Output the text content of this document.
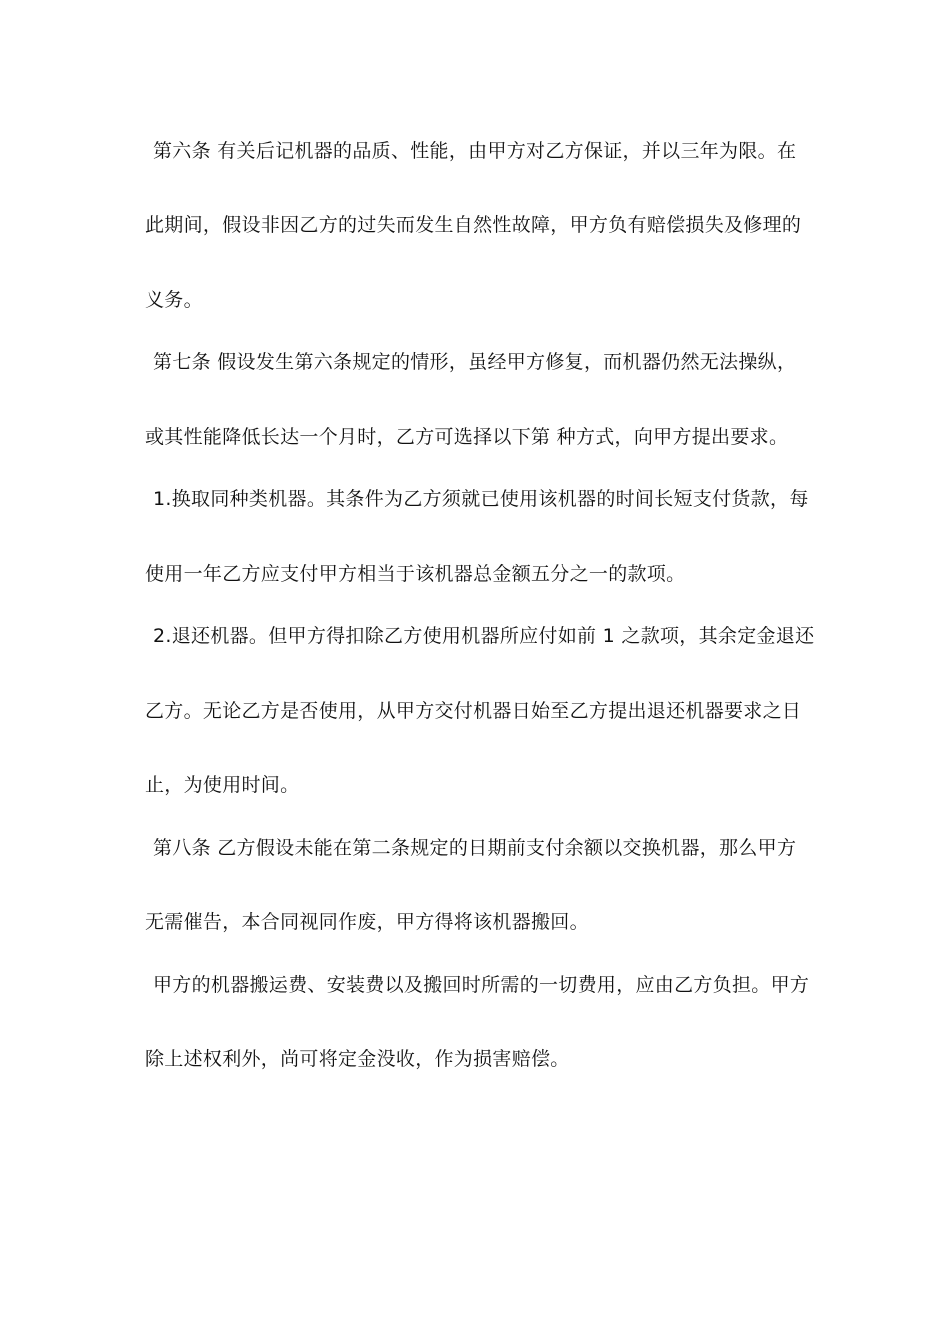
第六条 有关后记机器的品质、性能，由甲方对乙方保证，并以三年为限。在
此期间，假设非因乙方的过失而发生自然性故障，甲方负有赔偿损失及修理的
义务。
第七条 假设发生第六条规定的情形，虽经甲方修复，而机器仍然无法操纵，
或其性能降低长达一个月时，乙方可选择以下第 种方式，向甲方提出要求。
1.换取同种类机器。其条件为乙方须就已使用该机器的时间长短支付货款，每
使用一年乙方应支付甲方相当于该机器总金额五分之一的款项。
2.退还机器。但甲方得扣除乙方使用机器所应付如前 1 之款项，其余定金退还
乙方。无论乙方是否使用，从甲方交付机器日始至乙方提出退还机器要求之日
止，为使用时间。
第八条 乙方假设未能在第二条规定的日期前支付余额以交换机器，那么甲方
无需催告，本合同视同作废，甲方得将该机器搬回。
甲方的机器搬运费、安装费以及搬回时所需的一切费用，应由乙方负担。甲方
除上述权利外，尚可将定金没收，作为损害赔偿。
